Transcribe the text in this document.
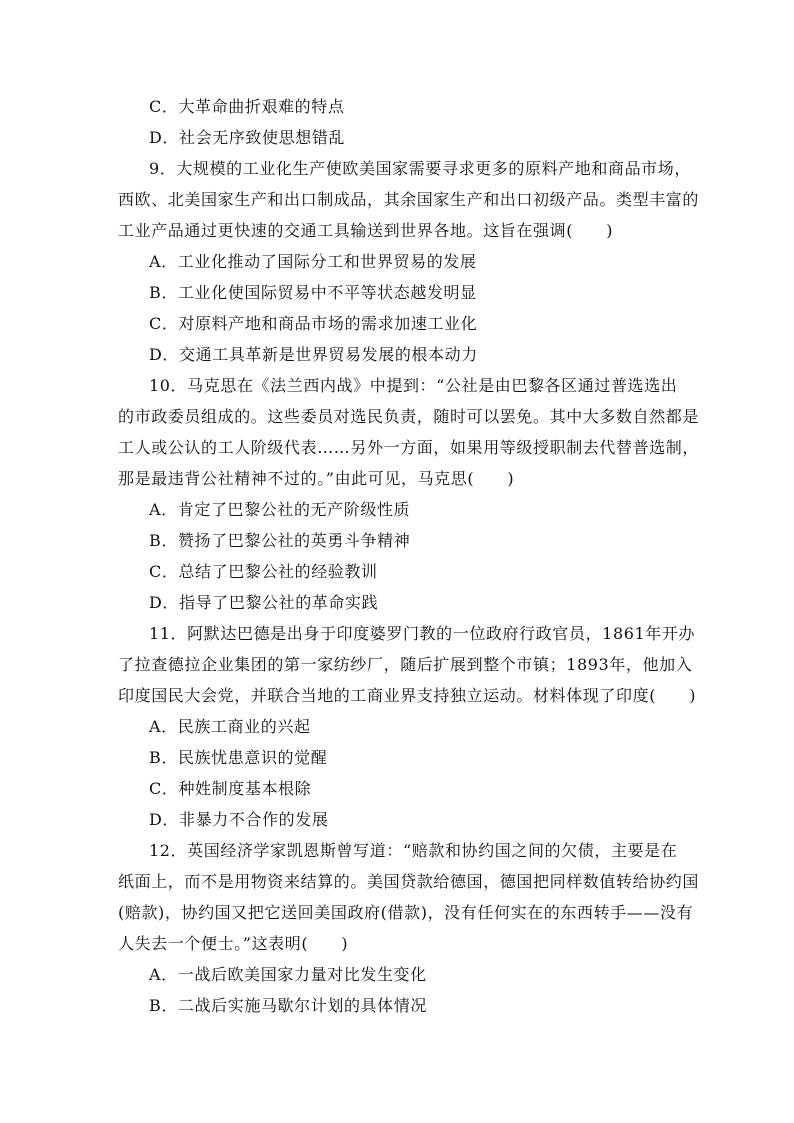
C．大革命曲折艰难的特点
D．社会无序致使思想错乱
9．大规模的工业化生产使欧美国家需要寻求更多的原料产地和商品市场，
西欧、北美国家生产和出口制成品，其余国家生产和出口初级产品。类型丰富的
工业产品通过更快速的交通工具输送到世界各地。这旨在强调(　　)
A．工业化推动了国际分工和世界贸易的发展
B．工业化使国际贸易中不平等状态越发明显
C．对原料产地和商品市场的需求加速工业化
D．交通工具革新是世界贸易发展的根本动力
10．马克思在《法兰西内战》中提到：“公社是由巴黎各区通过普选选出
的市政委员组成的。这些委员对选民负责，随时可以罢免。其中大多数自然都是
工人或公认的工人阶级代表……另外一方面，如果用等级授职制去代替普选制，
那是最违背公社精神不过的。”由此可见，马克思(　　)
A．肯定了巴黎公社的无产阶级性质
B．赞扬了巴黎公社的英勇斗争精神
C．总结了巴黎公社的经验教训
D．指导了巴黎公社的革命实践
11．阿默达巴德是出身于印度婆罗门教的一位政府行政官员，1861年开办
了拉查德拉企业集团的第一家纺纱厂，随后扩展到整个市镇；1893年，他加入
印度国民大会党，并联合当地的工商业界支持独立运动。材料体现了印度(　　)
A．民族工商业的兴起
B．民族忧患意识的觉醒
C．种姓制度基本根除
D．非暴力不合作的发展
12．英国经济学家凯恩斯曾写道：“赔款和协约国之间的欠债，主要是在
纸面上，而不是用物资来结算的。美国贷款给德国，德国把同样数值转给协约国
(赔款)，协约国又把它送回美国政府(借款)，没有任何实在的东西转手——没有
人失去一个便士。”这表明(　　)
A．一战后欧美国家力量对比发生变化
B．二战后实施马歇尔计划的具体情况
